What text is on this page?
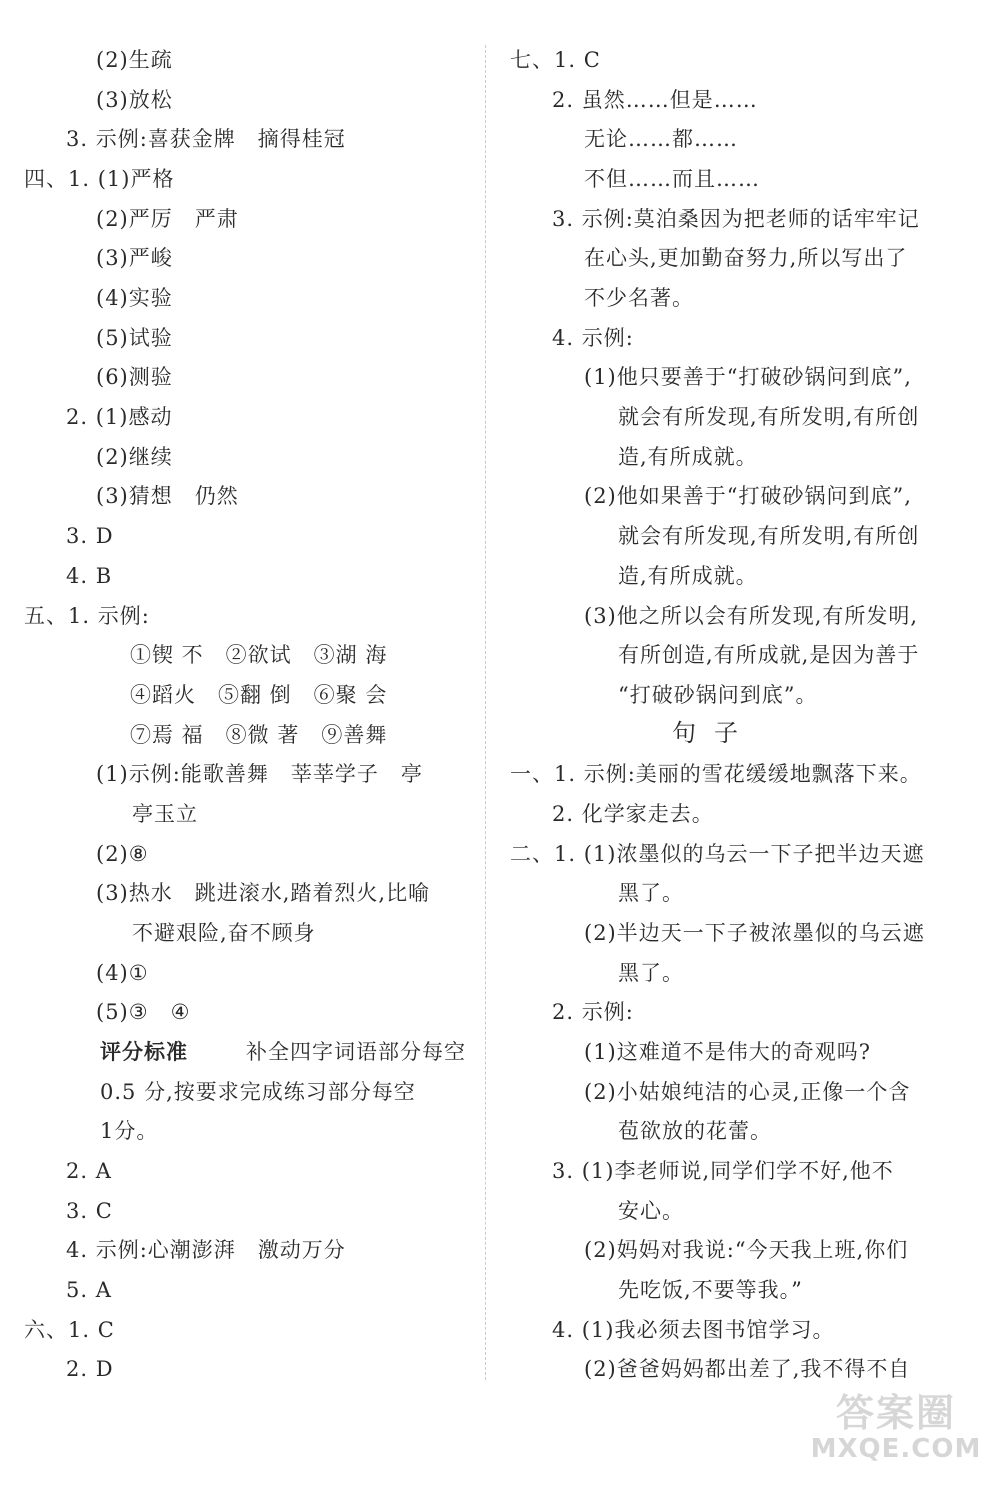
(2)生疏
(3)放松
3. 示例:喜获金牌　摘得桂冠
四、1. (1)严格
(2)严厉　严肃
(3)严峻
(4)实验
(5)试验
(6)测验
2. (1)感动
(2)继续
(3)猜想　仍然
3. D
4. B
五、1. 示例:
①锲 不　②欲试　③湖 海
④蹈火　⑤翻 倒　⑥聚 会
⑦焉 福　⑧微 著　⑨善舞
(1)示例:能歌善舞　莘莘学子　亭
亭玉立
(2)⑧
(3)热水　跳进滚水,踏着烈火,比喻
不避艰险,奋不顾身
(4)①
(5)③　④
评分标准	补全四字词语部分每空
0.5 分,按要求完成练习部分每空
1分。
2. A
3. C
4. 示例:心潮澎湃　激动万分
5. A
六、1. C
2. D
七、1. C
2. 虽然……但是……
无论……都……
不但……而且……
3. 示例:莫泊桑因为把老师的话牢牢记
在心头,更加勤奋努力,所以写出了
不少名著。
4. 示例:
(1)他只要善于“打破砂锅问到底”,
就会有所发现,有所发明,有所创
造,有所成就。
(2)他如果善于“打破砂锅问到底”,
就会有所发现,有所发明,有所创
造,有所成就。
(3)他之所以会有所发现,有所发明,
有所创造,有所成就,是因为善于
“打破砂锅问到底”。
句子
一、1. 示例:美丽的雪花缓缓地飘落下来。
2. 化学家走去。
二、1. (1)浓墨似的乌云一下子把半边天遮
黑了。
(2)半边天一下子被浓墨似的乌云遮
黑了。
2. 示例:
(1)这难道不是伟大的奇观吗?
(2)小姑娘纯洁的心灵,正像一个含
苞欲放的花蕾。
3. (1)李老师说,同学们学不好,他不
安心。
(2)妈妈对我说:“今天我上班,你们
先吃饭,不要等我。”
4. (1)我必须去图书馆学习。
(2)爸爸妈妈都出差了,我不得不自
答案圈
MXQE.COM
